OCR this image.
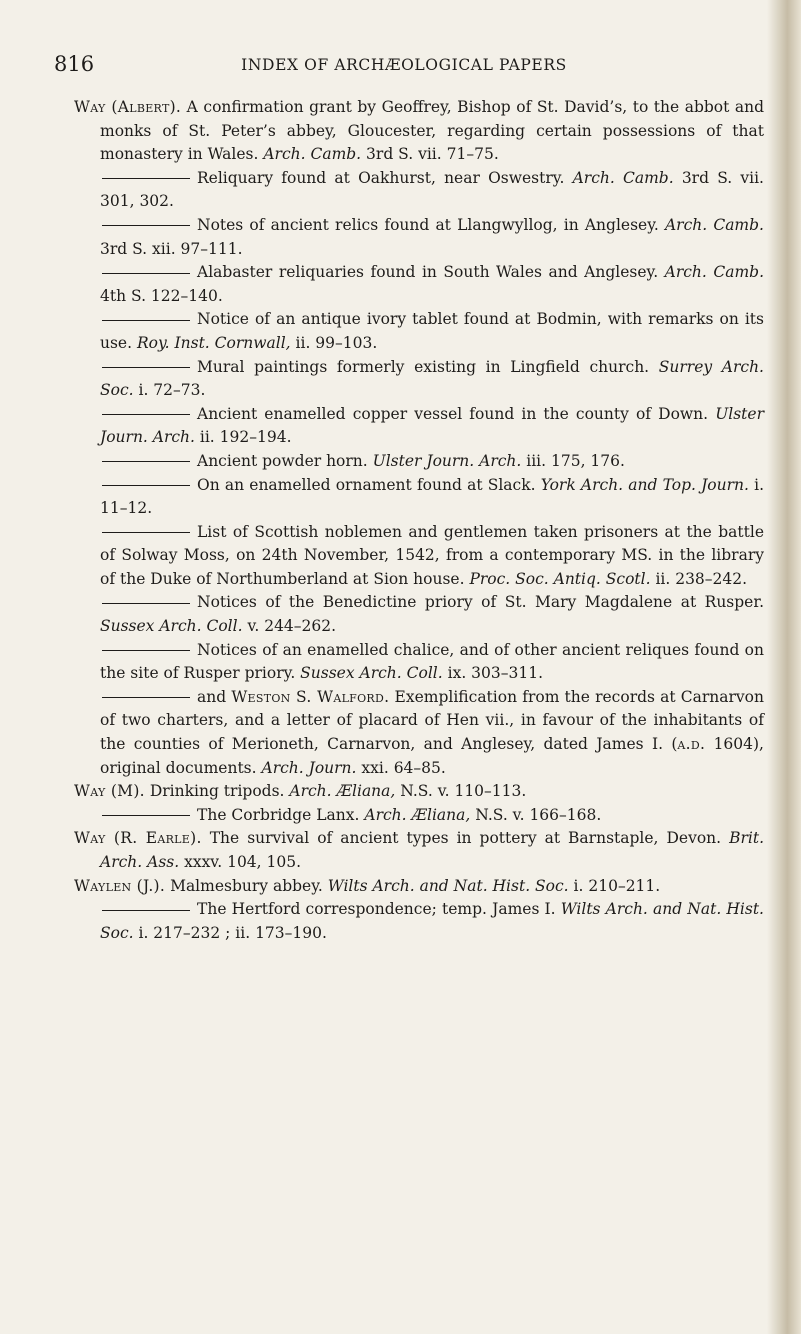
816	INDEX OF ARCHÆOLOGICAL PAPERS

Way (Albert). A confirmation grant by Geoffrey, Bishop of St. David’s, to the abbot and monks of St. Peter’s abbey, Gloucester, regarding certain possessions of that monastery in Wales. Arch. Camb. 3rd S. vii. 71–75.

Reliquary found at Oakhurst, near Oswestry. Arch. Camb. 3rd S. vii. 301, 302.

Notes of ancient relics found at Llangwyllog, in Anglesey. Arch. Camb. 3rd S. xii. 97–111.

Alabaster reliquaries found in South Wales and Anglesey. Arch. Camb. 4th S. 122–140.

Notice of an antique ivory tablet found at Bodmin, with remarks on its use. Roy. Inst. Cornwall, ii. 99–103.

Mural paintings formerly existing in Lingfield church. Surrey Arch. Soc. i. 72–73.

Ancient enamelled copper vessel found in the county of Down. Ulster Journ. Arch. ii. 192–194.

Ancient powder horn. Ulster Journ. Arch. iii. 175, 176.

On an enamelled ornament found at Slack. York Arch. and Top. Journ. i. 11–12.

List of Scottish noblemen and gentlemen taken prisoners at the battle of Solway Moss, on 24th November, 1542, from a contemporary MS. in the library of the Duke of Northumberland at Sion house. Proc. Soc. Antiq. Scotl. ii. 238–242.

Notices of the Benedictine priory of St. Mary Magdalene at Rusper. Sussex Arch. Coll. v. 244–262.

Notices of an enamelled chalice, and of other ancient reliques found on the site of Rusper priory. Sussex Arch. Coll. ix. 303–311.

and Weston S. Walford. Exemplification from the records at Carnarvon of two charters, and a letter of placard of Hen vii., in favour of the inhabitants of the counties of Merioneth, Carnarvon, and Anglesey, dated James I. (a.d. 1604), original documents. Arch. Journ. xxi. 64–85.

Way (M). Drinking tripods. Arch. Æliana, N.S. v. 110–113.

The Corbridge Lanx. Arch. Æliana, N.S. v. 166–168.

Way (R. Earle). The survival of ancient types in pottery at Barnstaple, Devon. Brit. Arch. Ass. xxxv. 104, 105.

Waylen (J.). Malmesbury abbey. Wilts Arch. and Nat. Hist. Soc. i. 210–211.

The Hertford correspondence; temp. James I. Wilts Arch. and Nat. Hist. Soc. i. 217–232 ; ii. 173–190.
